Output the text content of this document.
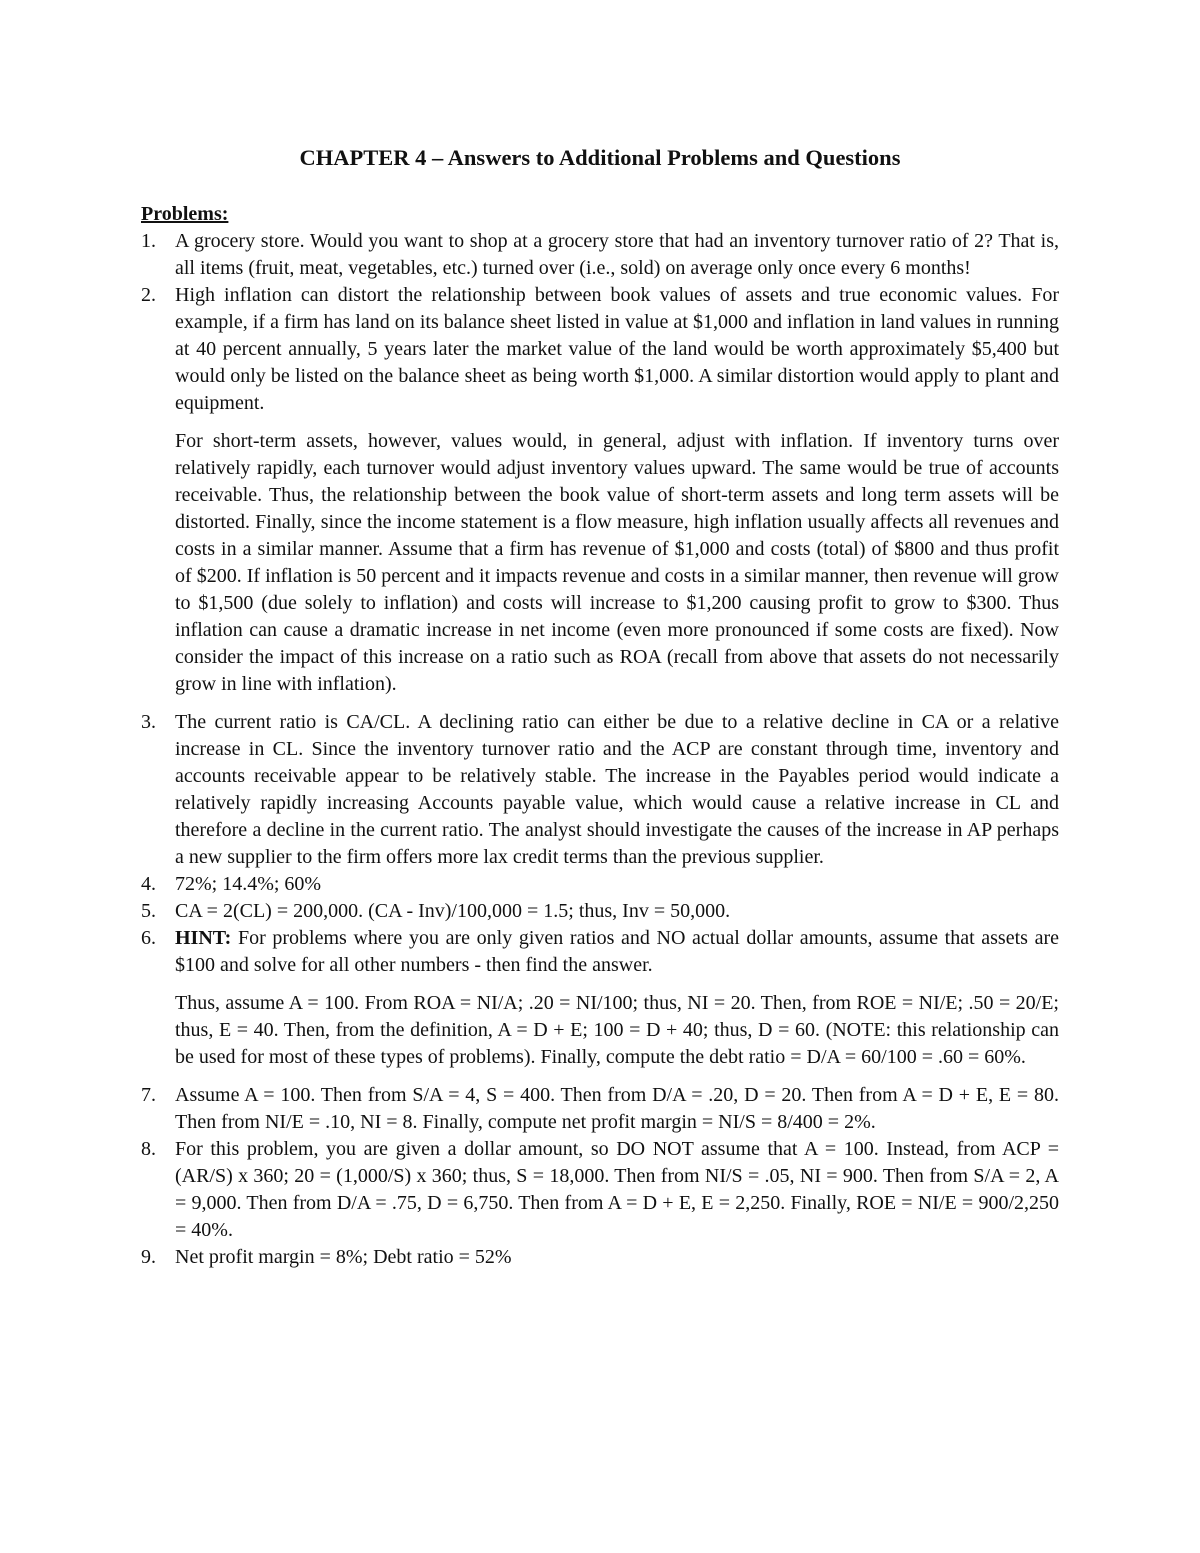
CHAPTER 4 – Answers to Additional Problems and Questions

Problems:

1. A grocery store. Would you want to shop at a grocery store that had an inventory turnover ratio of 2? That is, all items (fruit, meat, vegetables, etc.) turned over (i.e., sold) on average only once every 6 months!
2. High inflation can distort the relationship between book values of assets and true economic values. For example, if a firm has land on its balance sheet listed in value at $1,000 and inflation in land values in running at 40 percent annually, 5 years later the market value of the land would be worth approximately $5,400 but would only be listed on the balance sheet as being worth $1,000. A similar distortion would apply to plant and equipment.

For short-term assets, however, values would, in general, adjust with inflation. If inventory turns over relatively rapidly, each turnover would adjust inventory values upward. The same would be true of accounts receivable. Thus, the relationship between the book value of short-term assets and long term assets will be distorted. Finally, since the income statement is a flow measure, high inflation usually affects all revenues and costs in a similar manner. Assume that a firm has revenue of $1,000 and costs (total) of $800 and thus profit of $200. If inflation is 50 percent and it impacts revenue and costs in a similar manner, then revenue will grow to $1,500 (due solely to inflation) and costs will increase to $1,200 causing profit to grow to $300. Thus inflation can cause a dramatic increase in net income (even more pronounced if some costs are fixed). Now consider the impact of this increase on a ratio such as ROA (recall from above that assets do not necessarily grow in line with inflation).

3. The current ratio is CA/CL. A declining ratio can either be due to a relative decline in CA or a relative increase in CL. Since the inventory turnover ratio and the ACP are constant through time, inventory and accounts receivable appear to be relatively stable. The increase in the Payables period would indicate a relatively rapidly increasing Accounts payable value, which would cause a relative increase in CL and therefore a decline in the current ratio. The analyst should investigate the causes of the increase in AP perhaps a new supplier to the firm offers more lax credit terms than the previous supplier.
4. 72%; 14.4%; 60%
5. CA = 2(CL) = 200,000. (CA - Inv)/100,000 = 1.5; thus, Inv = 50,000.
6. HINT: For problems where you are only given ratios and NO actual dollar amounts, assume that assets are $100 and solve for all other numbers - then find the answer.

Thus, assume A = 100. From ROA = NI/A; .20 = NI/100; thus, NI = 20. Then, from ROE = NI/E; .50 = 20/E; thus, E = 40. Then, from the definition, A = D + E; 100 = D + 40; thus, D = 60. (NOTE: this relationship can be used for most of these types of problems). Finally, compute the debt ratio = D/A = 60/100 = .60 = 60%.

7. Assume A = 100. Then from S/A = 4, S = 400. Then from D/A = .20, D = 20. Then from A = D + E, E = 80. Then from NI/E = .10, NI = 8. Finally, compute net profit margin = NI/S = 8/400 = 2%.
8. For this problem, you are given a dollar amount, so DO NOT assume that A = 100. Instead, from ACP =(AR/S) x 360; 20 = (1,000/S) x 360; thus, S = 18,000. Then from NI/S = .05, NI = 900. Then from S/A = 2, A = 9,000. Then from D/A = .75, D = 6,750. Then from A = D + E, E = 2,250. Finally, ROE = NI/E = 900/2,250 = 40%.
9. Net profit margin = 8%; Debt ratio = 52%
